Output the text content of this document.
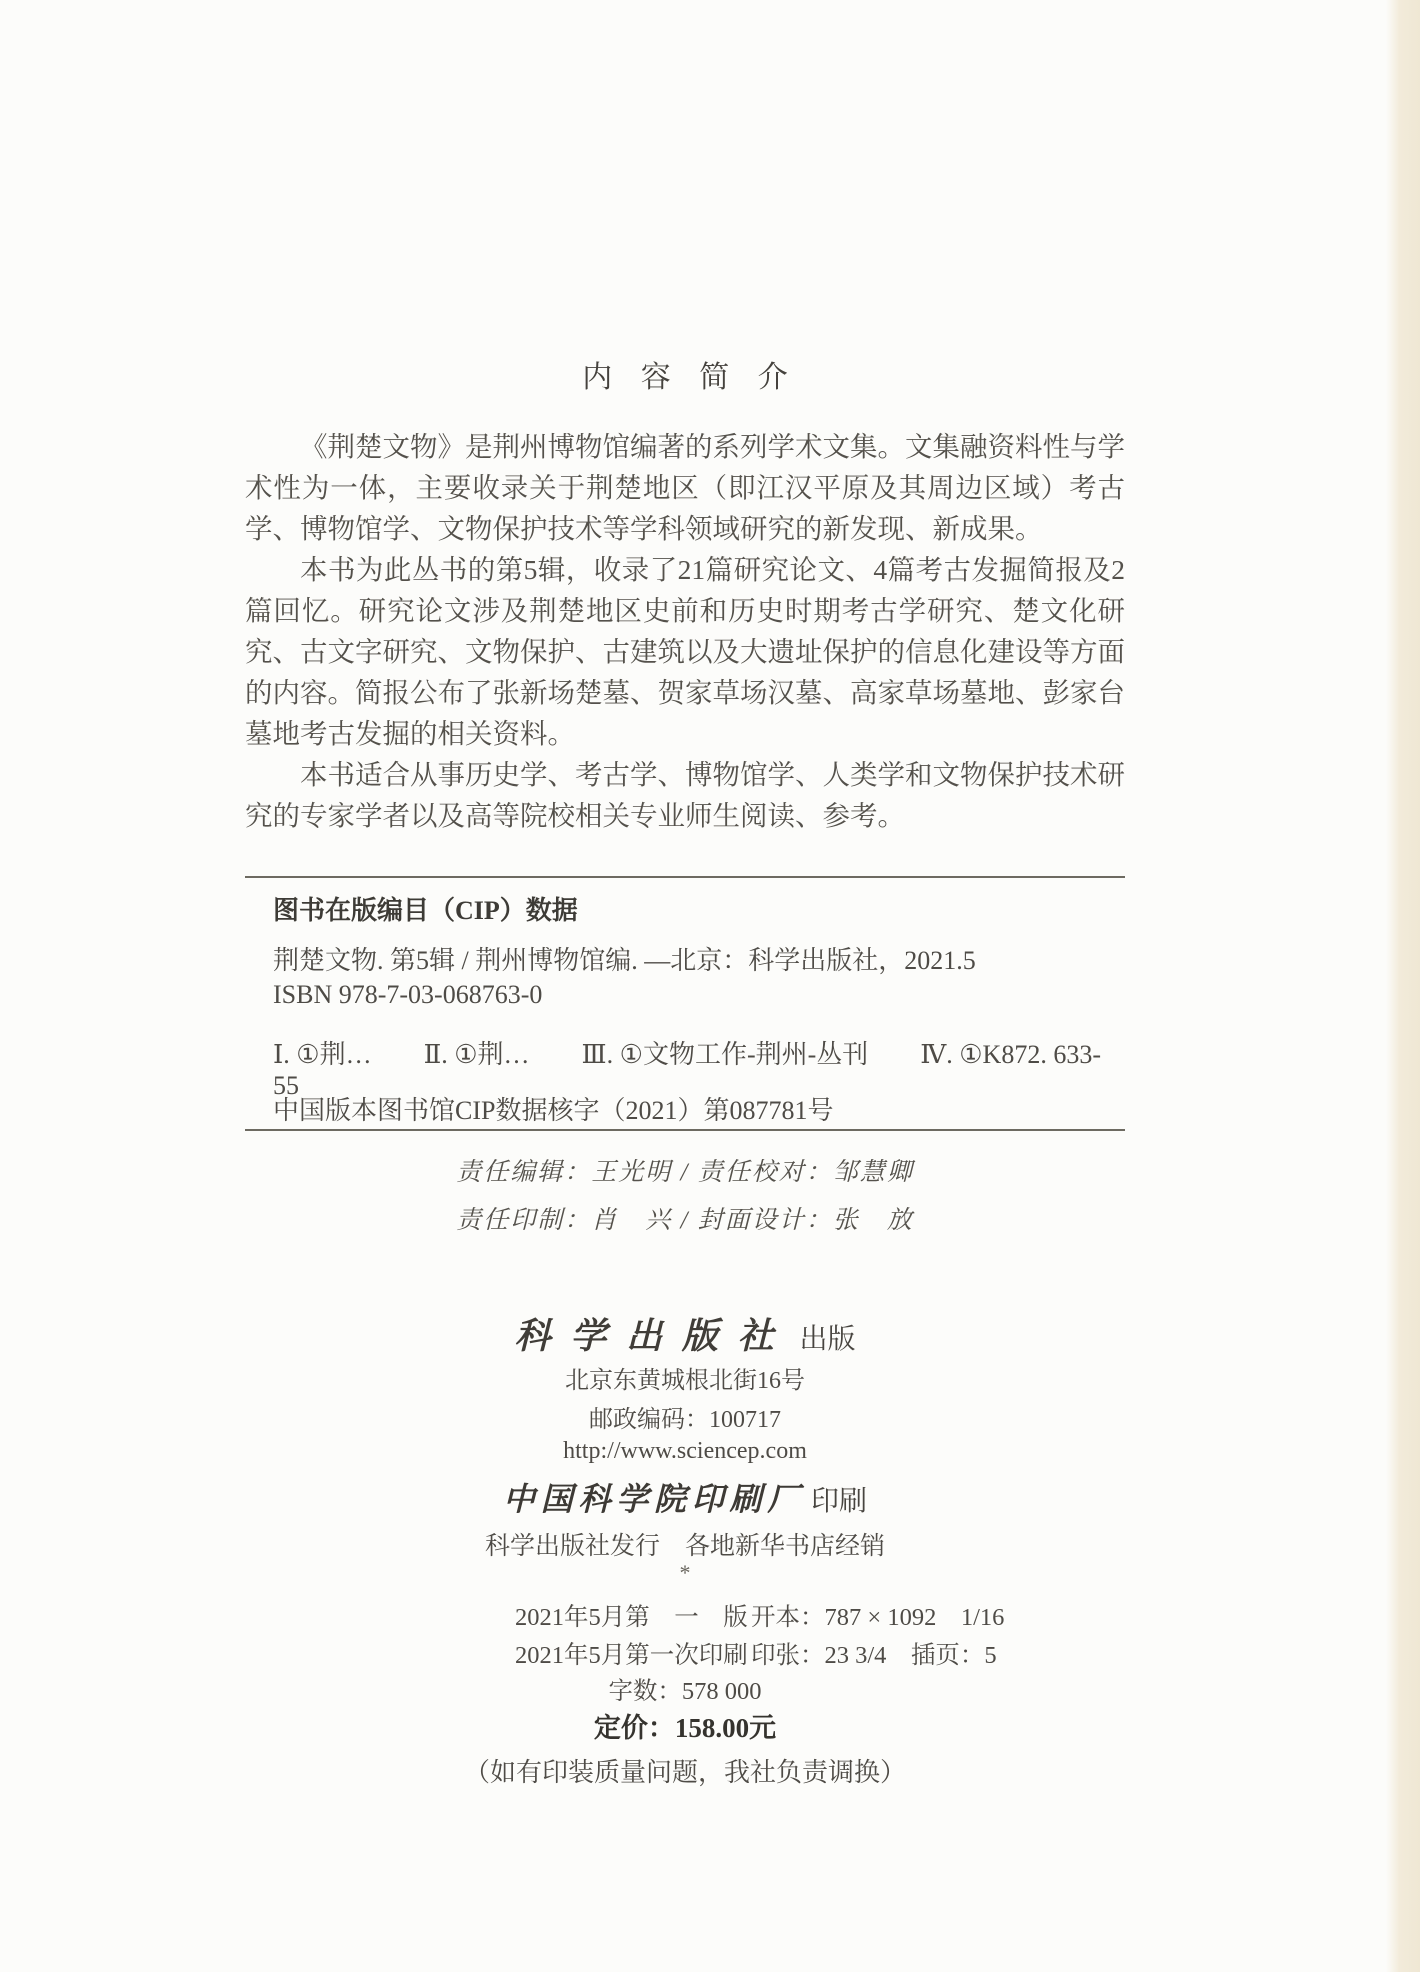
内容简介

《荆楚文物》是荆州博物馆编著的系列学术文集。文集融资料性与学术性为一体，主要收录关于荆楚地区（即江汉平原及其周边区域）考古学、博物馆学、文物保护技术等学科领域研究的新发现、新成果。

本书为此丛书的第5辑，收录了21篇研究论文、4篇考古发掘简报及2篇回忆。研究论文涉及荆楚地区史前和历史时期考古学研究、楚文化研究、古文字研究、文物保护、古建筑以及大遗址保护的信息化建设等方面的内容。简报公布了张新场楚墓、贺家草场汉墓、高家草场墓地、彭家台墓地考古发掘的相关资料。

本书适合从事历史学、考古学、博物馆学、人类学和文物保护技术研究的专家学者以及高等院校相关专业师生阅读、参考。

图书在版编目（CIP）数据
荆楚文物. 第5辑 / 荆州博物馆编. —北京：科学出版社，2021.5
ISBN 978-7-03-068763-0
Ⅰ. ①荆…　　Ⅱ. ①荆…　　Ⅲ. ①文物工作-荆州-丛刊　　Ⅳ. ①K872. 633-55
中国版本图书馆CIP数据核字（2021）第087781号
责任编辑：王光明 / 责任校对：邹慧卿
责任印制：肖　兴 / 封面设计：张　放
科学出版社 出版
北京东黄城根北街16号
邮政编码：100717
http://www.sciencep.com
中国科学院印刷厂 印刷
科学出版社发行　各地新华书店经销
*
2021年5月第　一　版 开本：787 × 1092　1/16
2021年5月第一次印刷 印张：23 3/4　插页：5
字数：578 000
定价：158.00元
（如有印装质量问题，我社负责调换）
